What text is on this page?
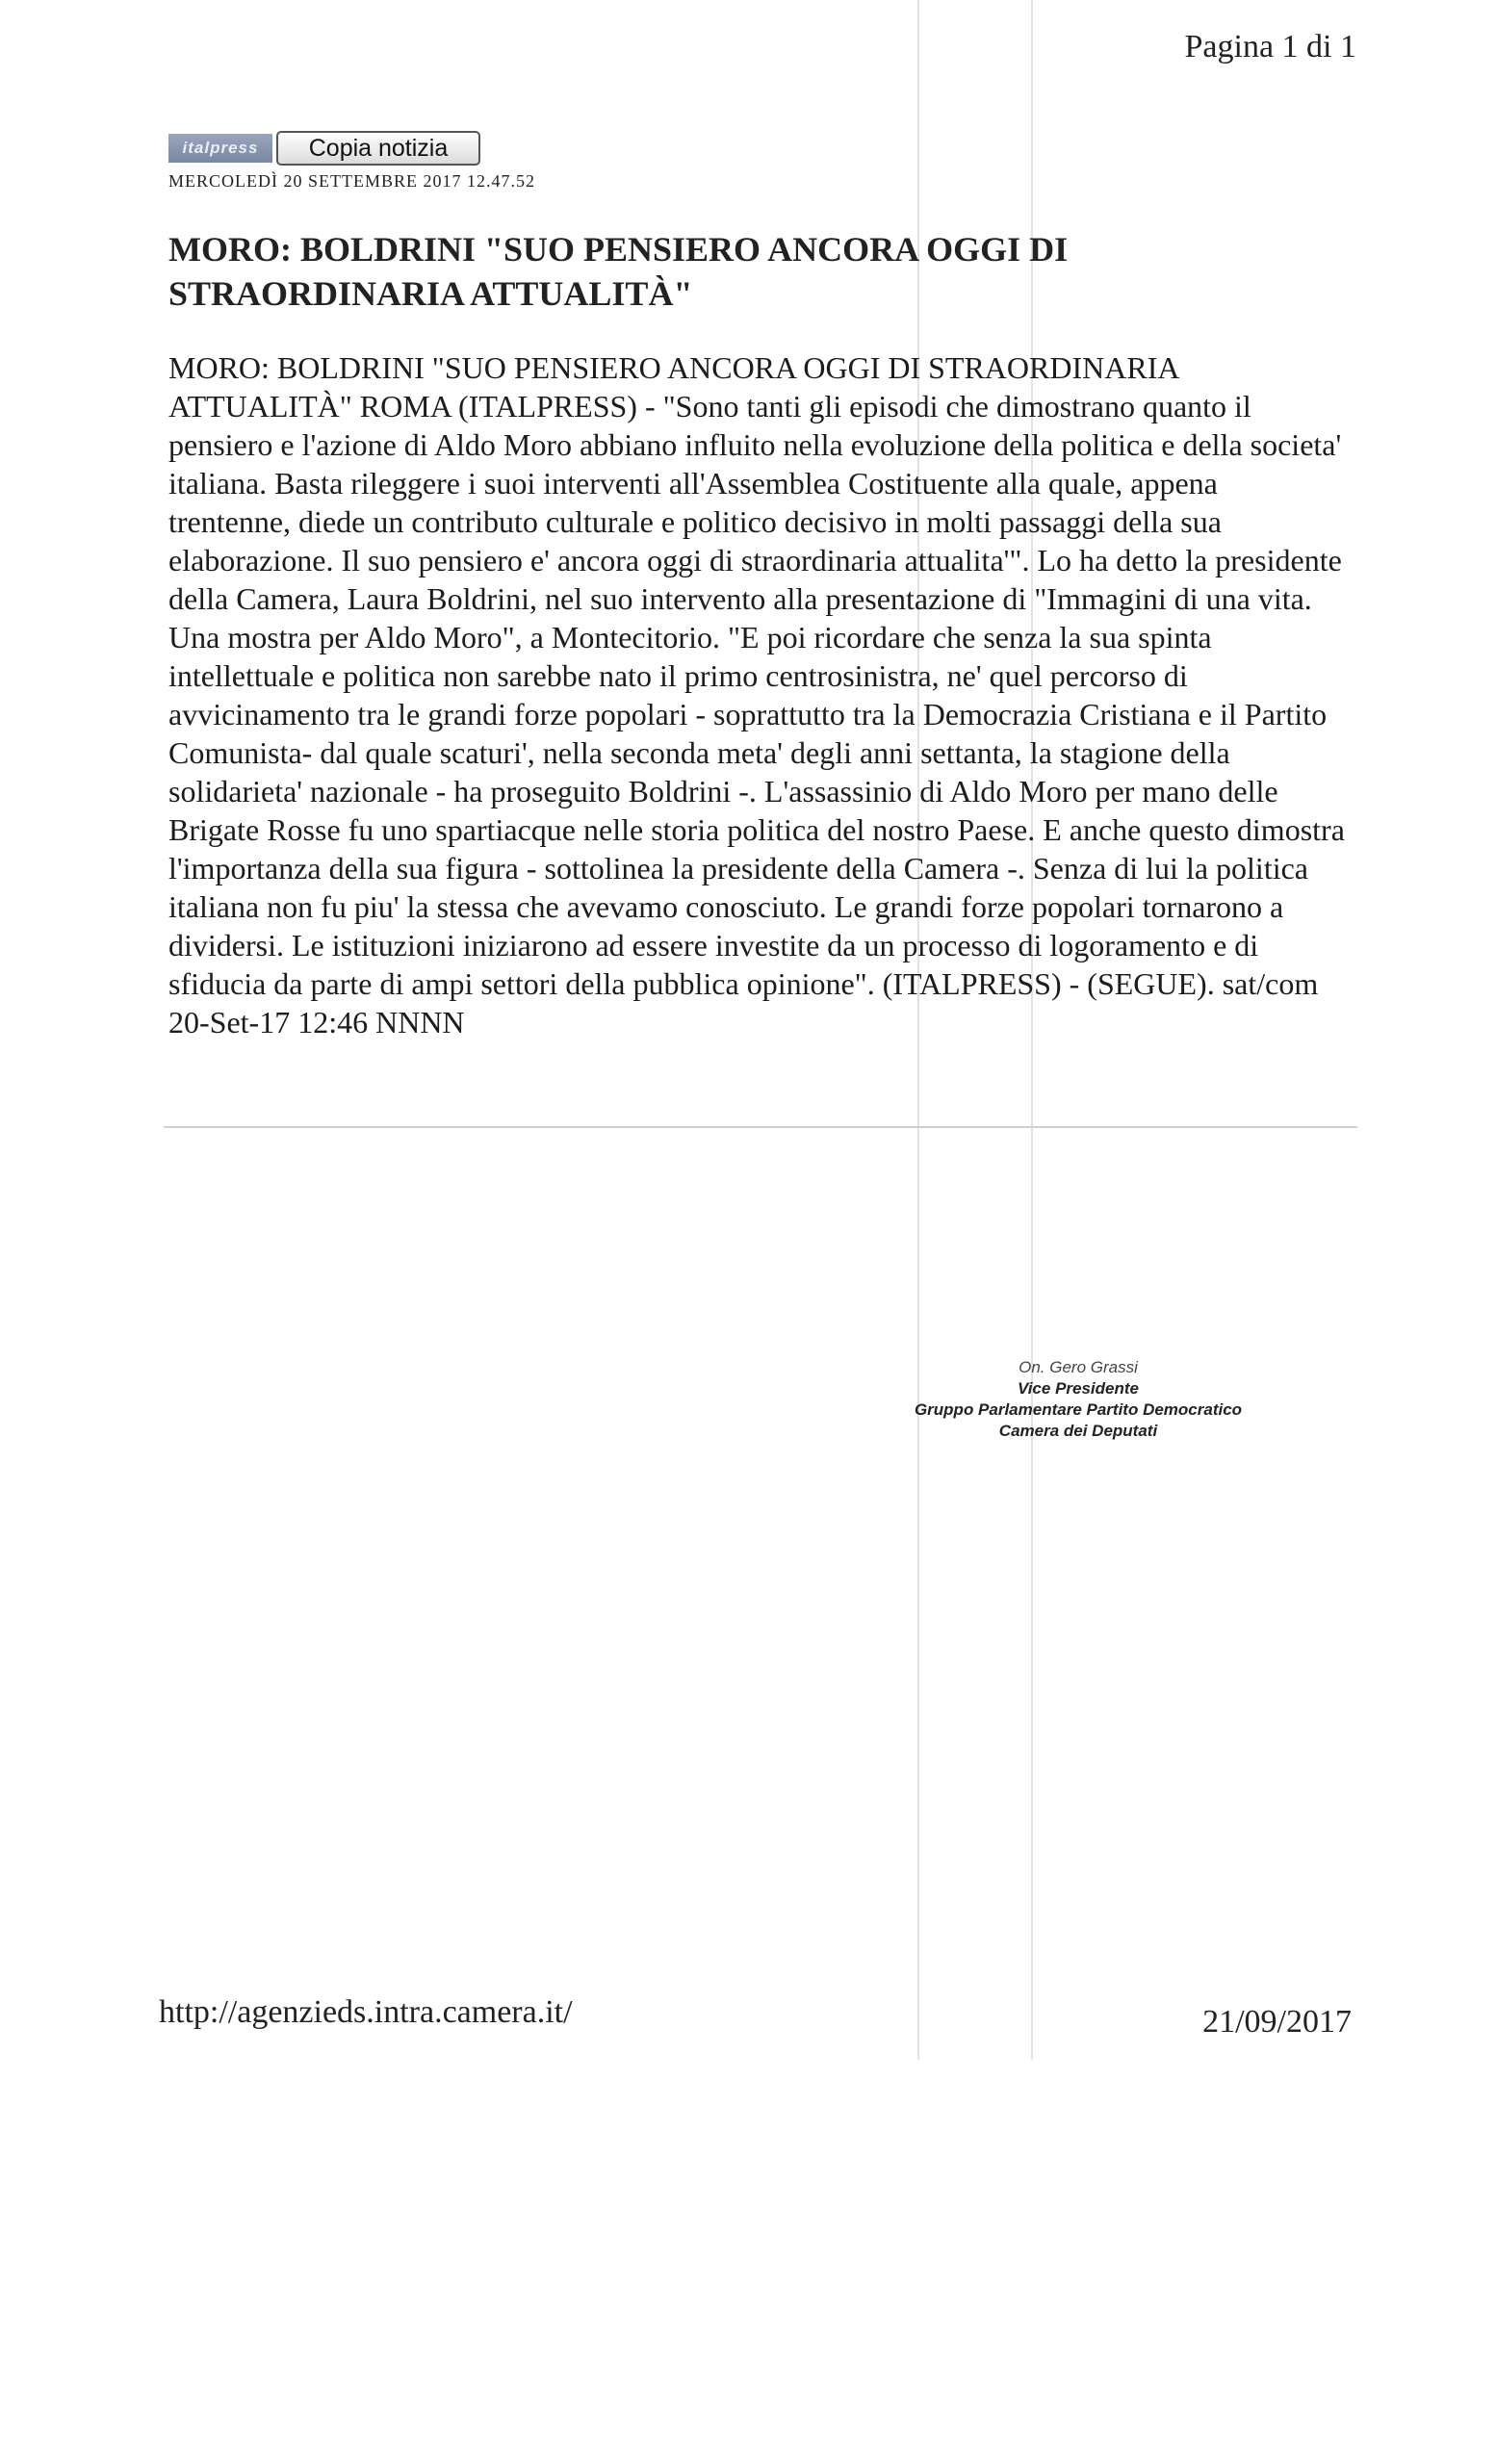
Pagina 1 di 1
italpress	Copia notizia
MERCOLEDÌ 20 SETTEMBRE 2017 12.47.52
MORO: BOLDRINI "SUO PENSIERO ANCORA OGGI DI STRAORDINARIA ATTUALITÀ"

MORO: BOLDRINI "SUO PENSIERO ANCORA OGGI DI STRAORDINARIA ATTUALITÀ" ROMA (ITALPRESS) - "Sono tanti gli episodi che dimostrano quanto il pensiero e l'azione di Aldo Moro abbiano influito nella evoluzione della politica e della societa' italiana. Basta rileggere i suoi interventi all'Assemblea Costituente alla quale, appena trentenne, diede un contributo culturale e politico decisivo in molti passaggi della sua elaborazione. Il suo pensiero e' ancora oggi di straordinaria attualita'". Lo ha detto la presidente della Camera, Laura Boldrini, nel suo intervento alla presentazione di "Immagini di una vita. Una mostra per Aldo Moro", a Montecitorio. "E poi ricordare che senza la sua spinta intellettuale e politica non sarebbe nato il primo centrosinistra, ne' quel percorso di avvicinamento tra le grandi forze popolari - soprattutto tra la Democrazia Cristiana e il Partito Comunista- dal quale scaturi', nella seconda meta' degli anni settanta, la stagione della solidarieta' nazionale - ha proseguito Boldrini -. L'assassinio di Aldo Moro per mano delle Brigate Rosse fu uno spartiacque nelle storia politica del nostro Paese. E anche questo dimostra l'importanza della sua figura - sottolinea la presidente della Camera -. Senza di lui la politica italiana non fu piu' la stessa che avevamo conosciuto. Le grandi forze popolari tornarono a dividersi. Le istituzioni iniziarono ad essere investite da un processo di logoramento e di sfiducia da parte di ampi settori della pubblica opinione". (ITALPRESS) - (SEGUE). sat/com 20-Set-17 12:46 NNNN

On. Gero Grassi
Vice Presidente
Gruppo Parlamentare Partito Democratico
Camera dei Deputati
http://agenzieds.intra.camera.it/	21/09/2017
